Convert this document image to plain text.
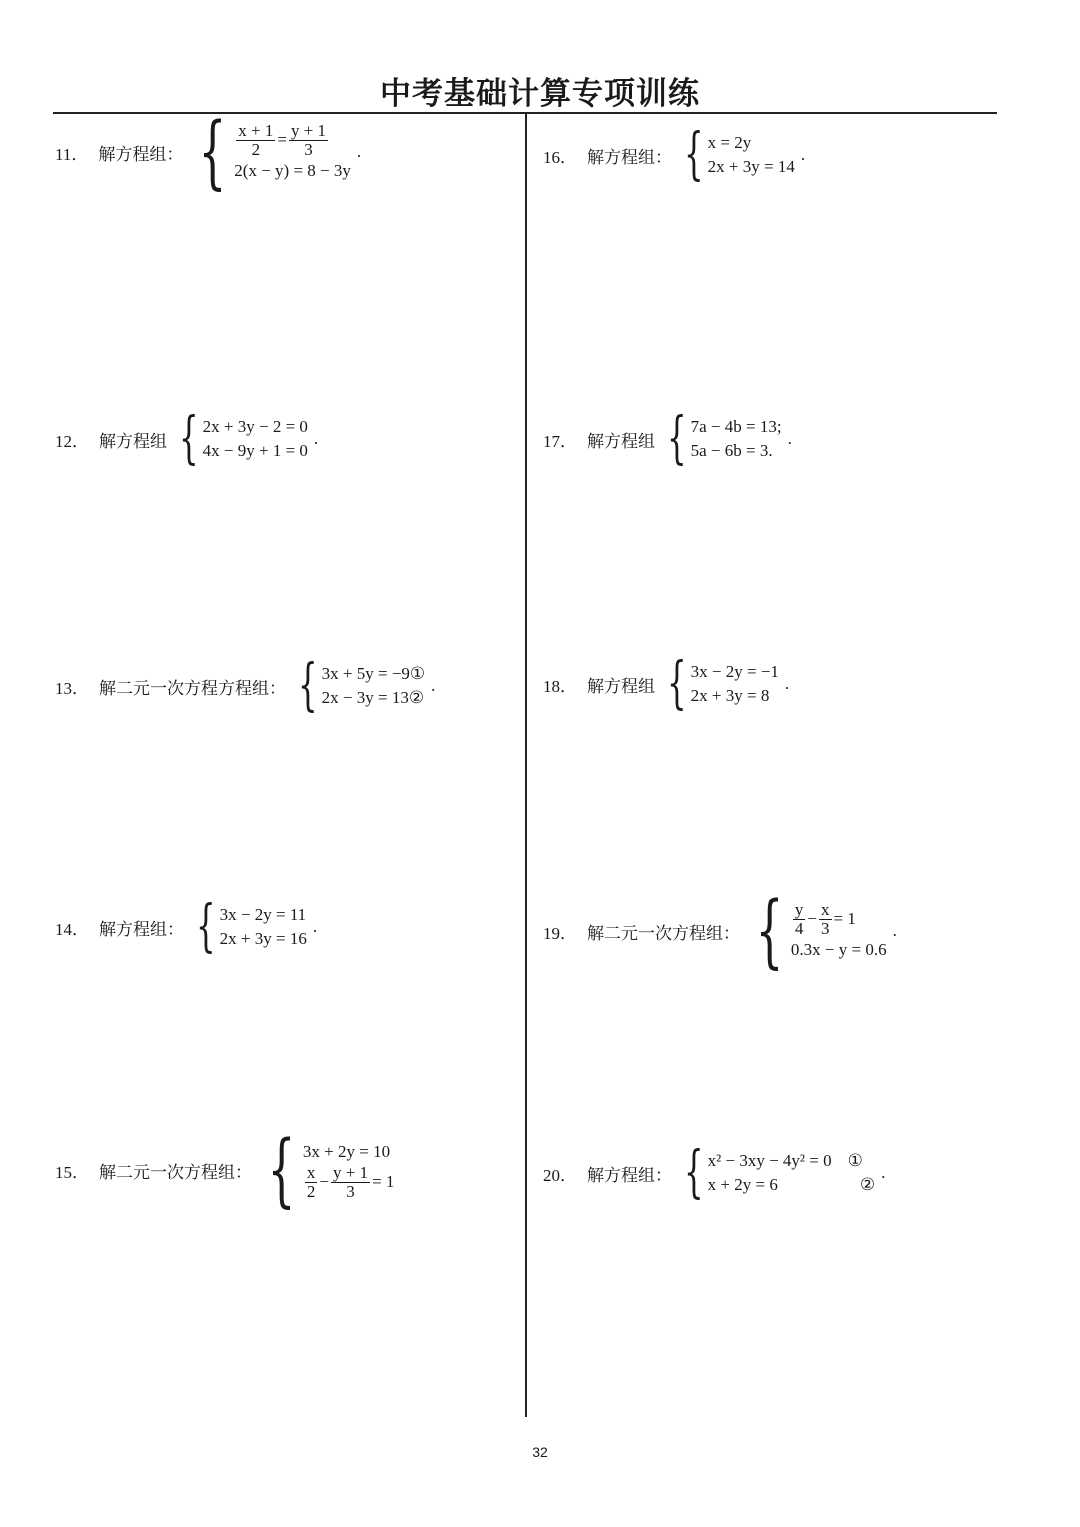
中考基础计算专项训练
11． 解方程组： { $\frac{x + 1}{2} = \frac{y + 1}{3}$
2(x − y) = 8 − 3y
.
12． 解方程组 { 2x + 3y − 2 = 0
4x − 9y + 1 = 0
.
13． 解二元一次方程方程组： { 3x + 5y = −9①
2x − 3y = 13②
.
14． 解方程组： { 3x − 2y = 11
2x + 3y = 16
.
15． 解二元一次方程组： { 3x + 2y = 10
$\frac{x}{2} - \frac{y + 1}{3} = 1$
16． 解方程组： { x = 2y
2x + 3y = 14
.
17． 解方程组 { 7a − 4b = 13;
5a − 6b = 3.
.
18． 解方程组 { 3x − 2y = −1
2x + 3y = 8
.
19． 解二元一次方程组： { $\frac{y}{4} - \frac{x}{3} = 1$
0.3x − y = 0.6
.
20． 解方程组： { x² − 3xy − 4y² = 0 ①
x + 2y = 6	②
.
32
